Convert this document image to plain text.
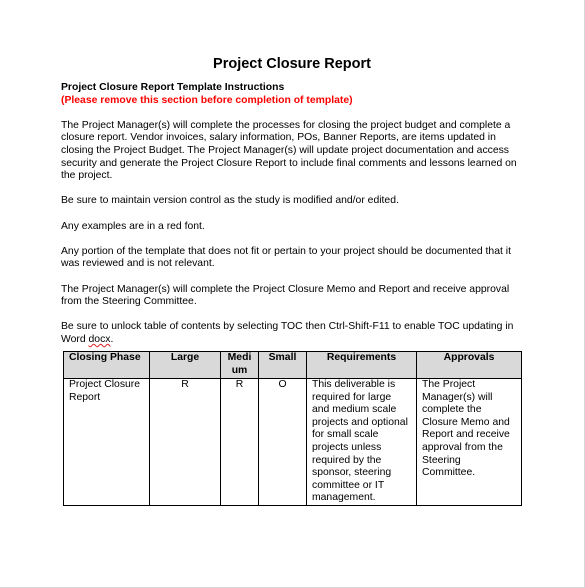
Project Closure Report
Project Closure Report Template Instructions
(Please remove this section before completion of template)

The Project Manager(s) will complete the processes for closing the project budget and complete a closure report. Vendor invoices, salary information, POs, Banner Reports, are items updated in closing the Project Budget. The Project Manager(s) will update project documentation and access security and generate the Project Closure Report to include final comments and lessons learned on the project.

Be sure to maintain version control as the study is modified and/or edited.

Any examples are in a red font.

Any portion of the template that does not fit or pertain to your project should be documented that it was reviewed and is not relevant.

The Project Manager(s) will complete the Project Closure Memo and Report and receive approval from the Steering Committee.

Be sure to unlock table of contents by selecting TOC then Ctrl-Shift-F11 to enable TOC updating in Word docx.

Closing Phase	Large	Medium	Small	Requirements	Approvals
Project Closure Report	R	R	O	This deliverable is required for large and medium scale projects and optional for small scale projects unless required by the sponsor, steering committee or IT management.	The Project Manager(s) will complete the Closure Memo and Report and receive approval from the Steering Committee.
